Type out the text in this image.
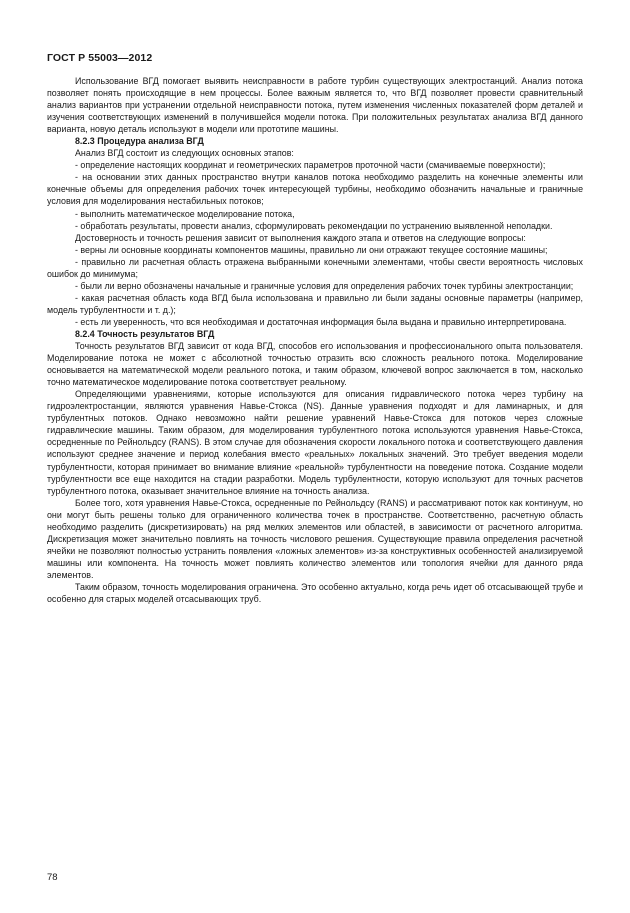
ГОСТ Р 55003—2012

Использование ВГД помогает выявить неисправности в работе турбин существующих электростанций. Анализ потока позволяет понять происходящие в нем процессы. Более важным является то, что ВГД позволяет провести сравнительный анализ вариантов при устранении отдельной неисправности потока, путем изменения численных показателей форм деталей и изучения соответствующих изменений в получившейся модели потока. При положительных результатах анализа ВГД данного варианта, новую деталь используют в модели или прототипе машины.

8.2.3 Процедура анализа ВГД

Анализ ВГД состоит из следующих основных этапов:

- определение настоящих координат и геометрических параметров проточной части (смачиваемые поверхности);

- на основании этих данных пространство внутри каналов потока необходимо разделить на конечные элементы или конечные объемы для определения рабочих точек интересующей турбины, необходимо обозначить начальные и граничные условия для моделирования нестабильных потоков;

- выполнить математическое моделирование потока,

- обработать результаты, провести анализ, сформулировать рекомендации по устранению выявленной неполадки.

Достоверность и точность решения зависит от выполнения каждого этапа и ответов на следующие вопросы:

- верны ли основные координаты компонентов машины, правильно ли они отражают текущее состояние машины;

- правильно ли расчетная область отражена выбранными конечными элементами, чтобы свести вероятность числовых ошибок до минимума;

- были ли верно обозначены начальные и граничные условия для определения рабочих точек турбины электростанции;

- какая расчетная область кода ВГД была использована и правильно ли были заданы основные параметры (например, модель турбулентности и т. д.);

- есть ли уверенность, что вся необходимая и достаточная информация была выдана и правильно интерпретирована.

8.2.4 Точность результатов ВГД

Точность результатов ВГД зависит от кода ВГД, способов его использования и профессионального опыта пользователя. Моделирование потока не может с абсолютной точностью отразить всю сложность реального потока. Моделирование основывается на математической модели реального потока, и таким образом, ключевой вопрос заключается в том, насколько точно математическое моделирование потока соответствует реальному.

Определяющими уравнениями, которые используются для описания гидравлического потока через турбину на гидроэлектростанции, являются уравнения Навье-Стокса (NS). Данные уравнения подходят и для ламинарных, и для турбулентных потоков. Однако невозможно найти решение уравнений Навье-Стокса для потоков через сложные гидравлические машины. Таким образом, для моделирования турбулентного потока используются уравнения Навье-Стокса, осредненные по Рейнольдсу (RANS). В этом случае для обозначения скорости локального потока и соответствующего давления используют среднее значение и период колебания вместо «реальных» локальных значений. Это требует введения модели турбулентности, которая принимает во внимание влияние «реальной» турбулентности на поведение потока. Создание модели турбулентности все еще находится на стадии разработки. Модель турбулентности, которую используют для точных расчетов турбулентного потока, оказывает значительное влияние на точность анализа.

Более того, хотя уравнения Навье-Стокса, осредненные по Рейнольдсу (RANS) и рассматривают поток как континуум, но они могут быть решены только для ограниченного количества точек в пространстве. Соответственно, расчетную область необходимо разделить (дискретизировать) на ряд мелких элементов или областей, в зависимости от расчетного алгоритма. Дискретизация может значительно повлиять на точность числового решения. Существующие правила определения расчетной ячейки не позволяют полностью устранить появления «ложных элементов» из-за конструктивных особенностей анализируемой машины или компонента. На точность может повлиять количество элементов или топология ячейки для данного ряда элементов.

Таким образом, точность моделирования ограничена. Это особенно актуально, когда речь идет об отсасывающей трубе и особенно для старых моделей отсасывающих труб.

78
